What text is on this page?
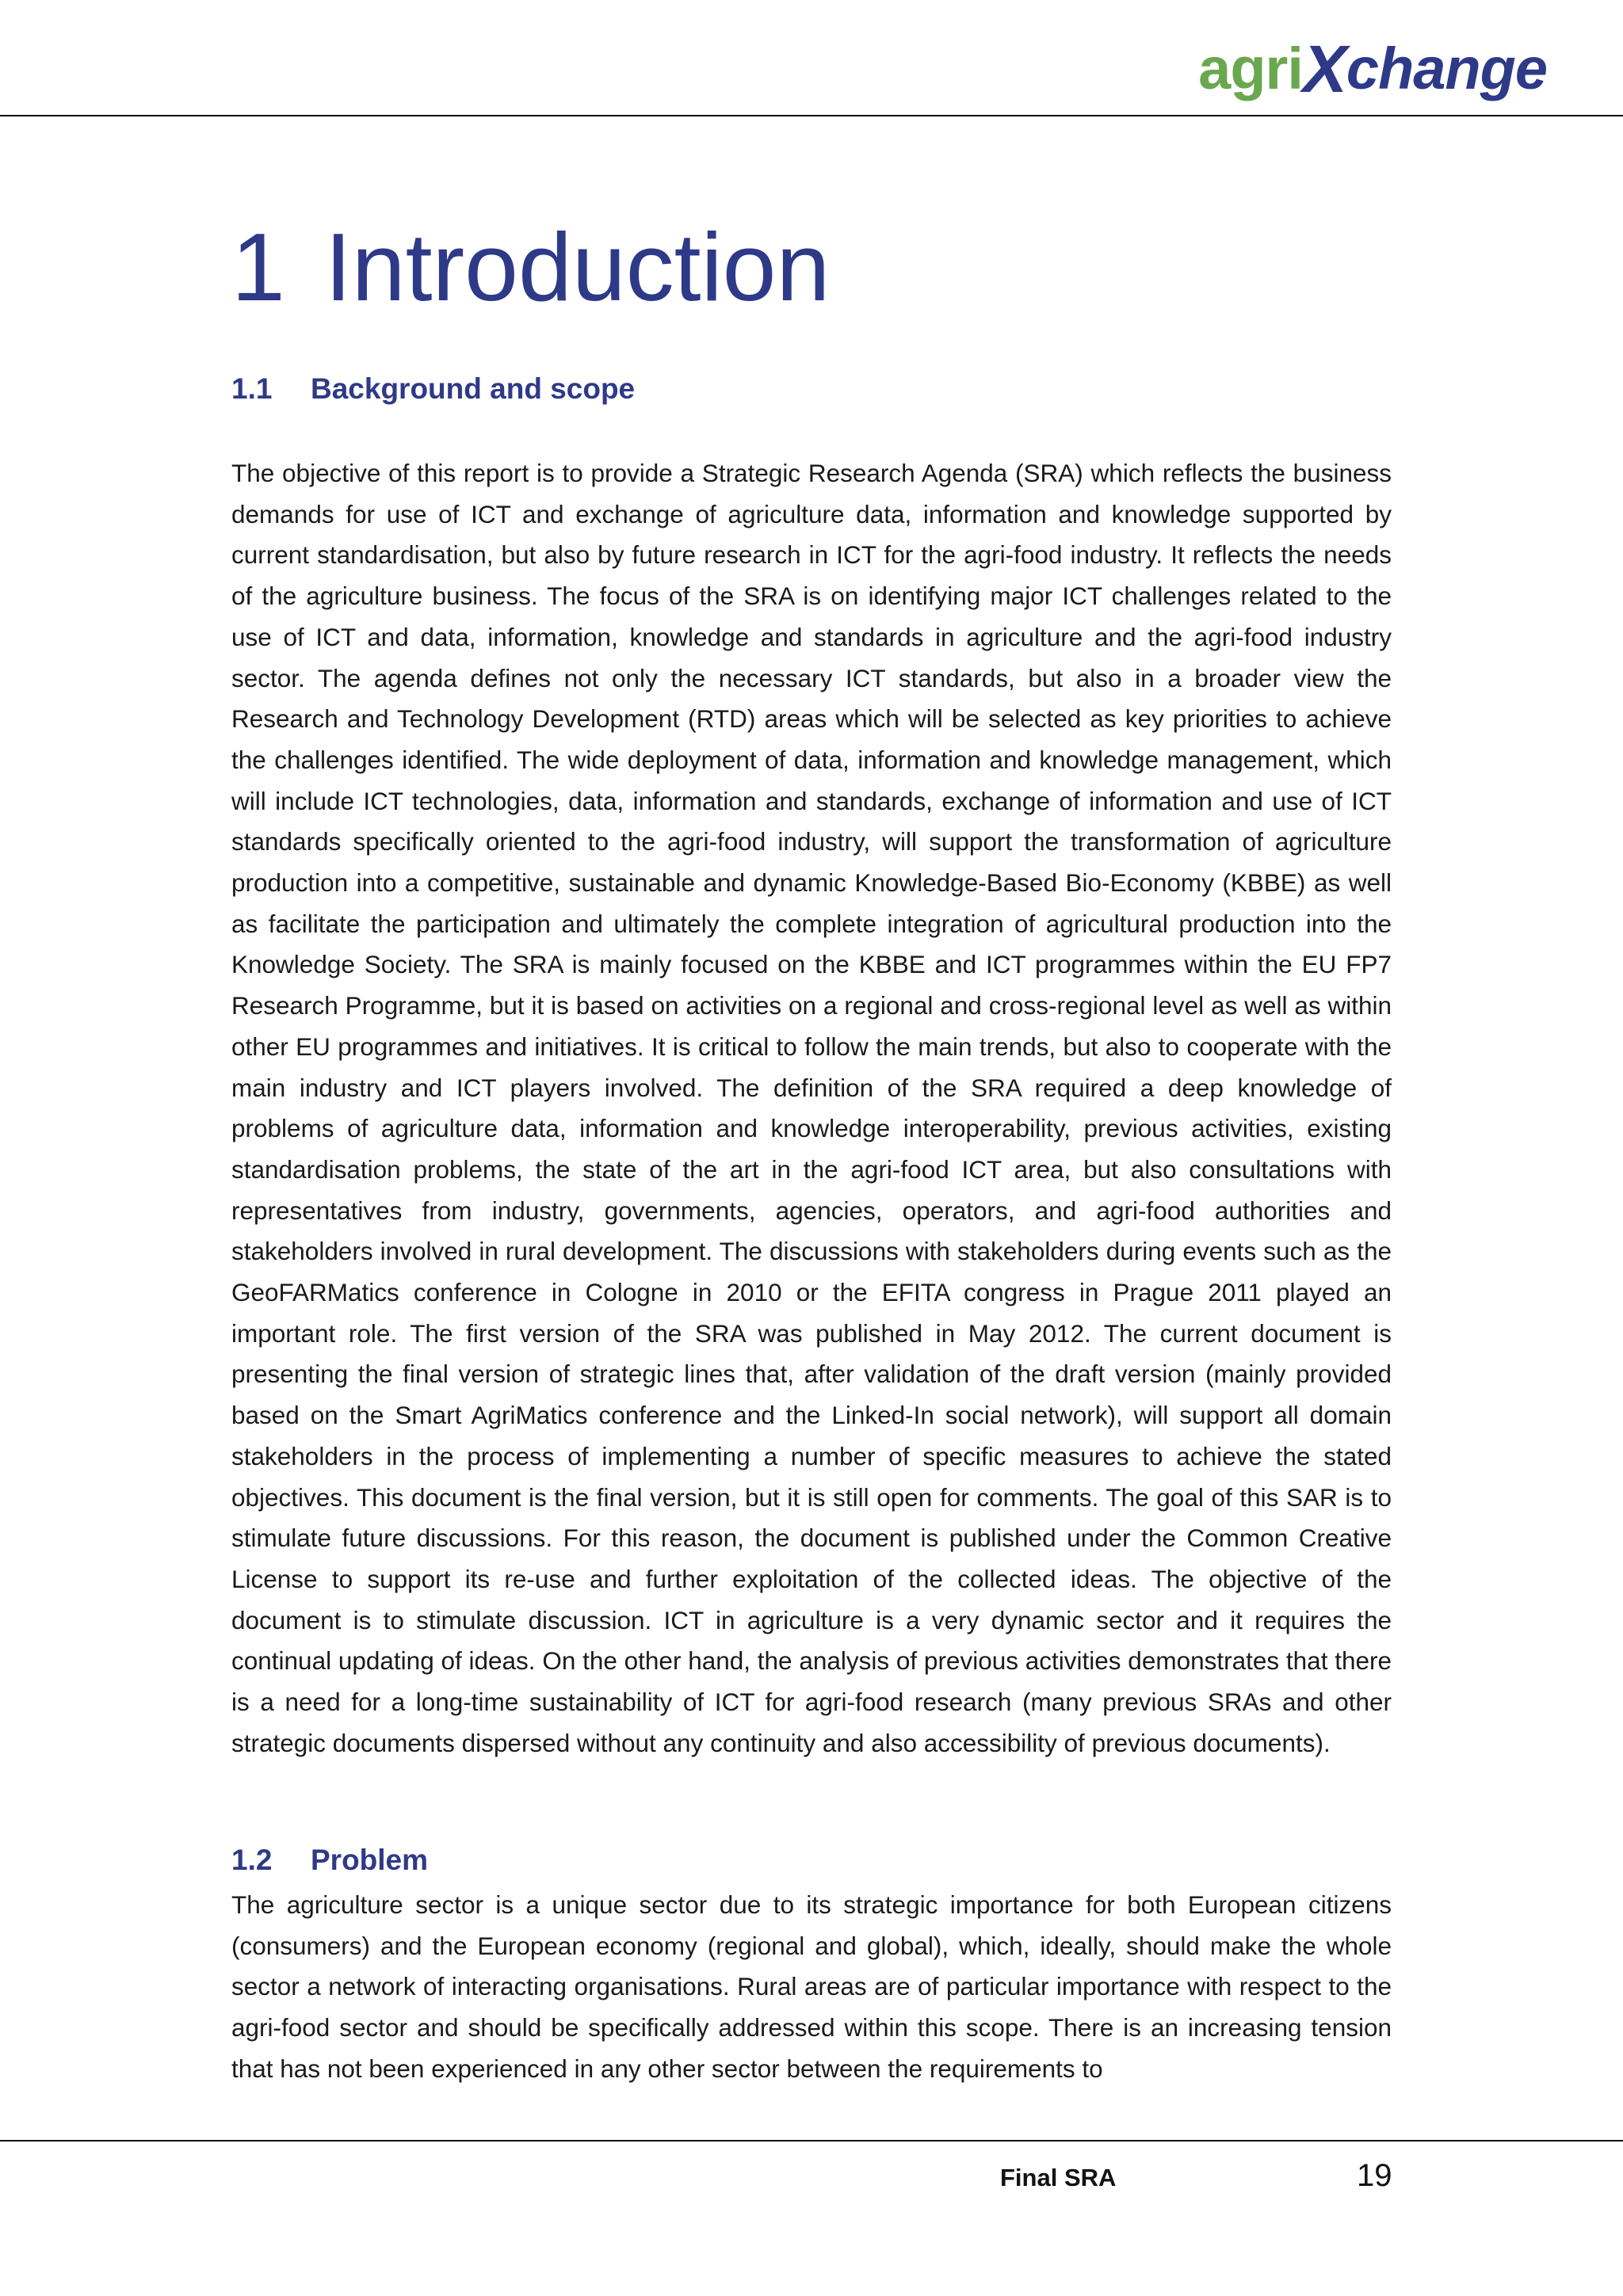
agri X change
1 Introduction
1.1 Background and scope

The objective of this report is to provide a Strategic Research Agenda (SRA) which reflects the business demands for use of ICT and exchange of agriculture data, information and knowledge supported by current standardisation, but also by future research in ICT for the agri-food industry. It reflects the needs of the agriculture business. The focus of the SRA is on identifying major ICT challenges related to the use of ICT and data, information, knowledge and standards in agriculture and the agri-food industry sector. The agenda defines not only the necessary ICT standards, but also in a broader view the Research and Technology Development (RTD) areas which will be selected as key priorities to achieve the challenges identified. The wide deployment of data, information and knowledge management, which will include ICT technologies, data, information and standards, exchange of information and use of ICT standards specifically oriented to the agri-food industry, will support the transformation of agriculture production into a competitive, sustainable and dynamic Knowledge-Based Bio-Economy (KBBE) as well as facilitate the participation and ultimately the complete integration of agricultural production into the Knowledge Society. The SRA is mainly focused on the KBBE and ICT programmes within the EU FP7 Research Programme, but it is based on activities on a regional and cross-regional level as well as within other EU programmes and initiatives. It is critical to follow the main trends, but also to cooperate with the main industry and ICT players involved. The definition of the SRA required a deep knowledge of problems of agriculture data, information and knowledge interoperability, previous activities, existing standardisation problems, the state of the art in the agri-food ICT area, but also consultations with representatives from industry, governments, agencies, operators, and agri-food authorities and stakeholders involved in rural development. The discussions with stakeholders during events such as the GeoFARMatics conference in Cologne in 2010 or the EFITA congress in Prague 2011 played an important role. The first version of the SRA was published in May 2012. The current document is presenting the final version of strategic lines that, after validation of the draft version (mainly provided based on the Smart AgriMatics conference and the Linked-In social network), will support all domain stakeholders in the process of implementing a number of specific measures to achieve the stated objectives. This document is the final version, but it is still open for comments. The goal of this SAR is to stimulate future discussions. For this reason, the document is published under the Common Creative License to support its re-use and further exploitation of the collected ideas. The objective of the document is to stimulate discussion. ICT in agriculture is a very dynamic sector and it requires the continual updating of ideas. On the other hand, the analysis of previous activities demonstrates that there is a need for a long-time sustainability of ICT for agri-food research (many previous SRAs and other strategic documents dispersed without any continuity and also accessibility of previous documents).

1.2 Problem

The agriculture sector is a unique sector due to its strategic importance for both European citizens (consumers) and the European economy (regional and global), which, ideally, should make the whole sector a network of interacting organisations. Rural areas are of particular importance with respect to the agri-food sector and should be specifically addressed within this scope. There is an increasing tension that has not been experienced in any other sector between the requirements to

Final SRA	19
